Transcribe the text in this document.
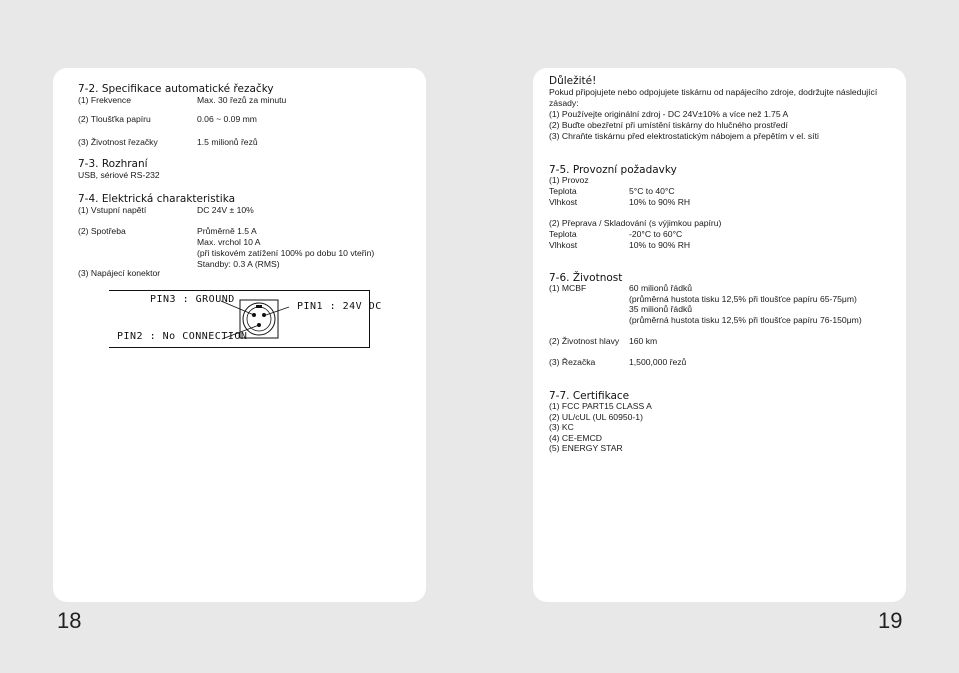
7-2. Specifikace automatické řezačky
(1) Frekvence	Max. 30 řezů za minutu
(2) Tloušťka papíru	0.06 ~ 0.09 mm
(3) Životnost řezačky	1.5 milionů řezů
7-3. Rozhraní
USB, sériové RS-232
7-4. Elektrická charakteristika
(1) Vstupní napětí	DC 24V ± 10%
(2) Spotřeba	Průměrně 1.5 A
Max. vrchol 10 A
(při tiskovém zatížení 100% po dobu 10 vteřin)
Standby: 0.3 A (RMS)
(3) Napájecí konektor
PIN3 : GROUND
PIN1 : 24V DC
PIN2 : No CONNECTION
18
Důležité!
Pokud připojujete nebo odpojujete tiskárnu od napájecího zdroje, dodržujte následující
zásady:
(1) Používejte originální zdroj - DC 24V±10% a více než 1.75 A
(2) Buďte obezřetní při umístění tiskárny do hlučného prostředí
(3) Chraňte tiskárnu před elektrostatickým nábojem a přepětím v el. síti
7-5. Provozní požadavky
(1) Provoz
Teplota	5°C to 40°C
Vlhkost	10% to 90% RH
(2) Přeprava / Skladování (s výjimkou papíru)
Teplota	-20°C to 60°C
Vlhkost	10% to 90% RH
7-6. Životnost
(1) MCBF	60 milionů řádků
(průměrná hustota tisku 12,5% při tloušťce papíru 65-75μm)
35 milionů řádků
(průměrná hustota tisku 12,5% při tloušťce papíru 76-150μm)
(2) Životnost hlavy 160 km
(3) Řezačka	1,500,000 řezů
7-7. Certifikace
(1) FCC PART15 CLASS A
(2) UL/cUL (UL 60950-1)
(3) KC
(4) CE-EMCD
(5) ENERGY STAR
19
